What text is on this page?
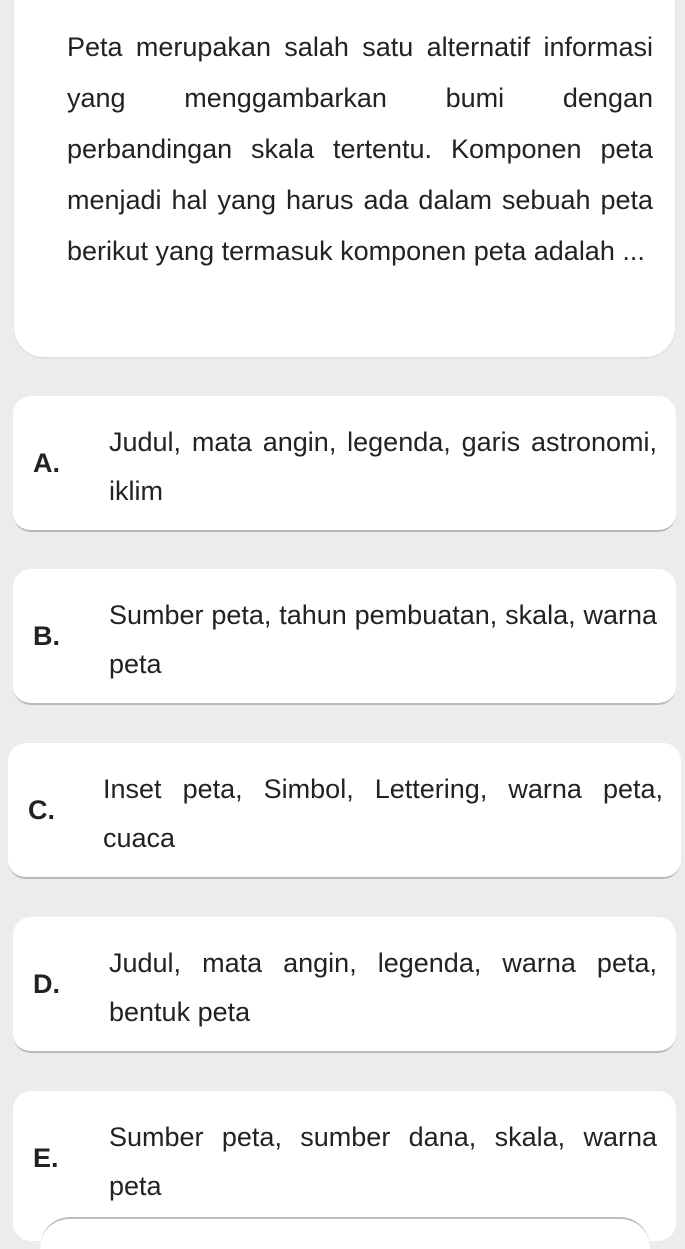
Peta merupakan salah satu alternatif informasi yang menggambarkan bumi dengan perbandingan skala tertentu. Komponen peta menjadi hal yang harus ada dalam sebuah peta berikut yang termasuk komponen peta adalah ...

A.

Judul, mata angin, legenda, garis astronomi, iklim

B.

Sumber peta, tahun pembuatan, skala, warna peta

C.

Inset peta, Simbol, Lettering, warna peta, cuaca

D.

Judul, mata angin, legenda, warna peta, bentuk peta

E.

Sumber peta, sumber dana, skala, warna peta
